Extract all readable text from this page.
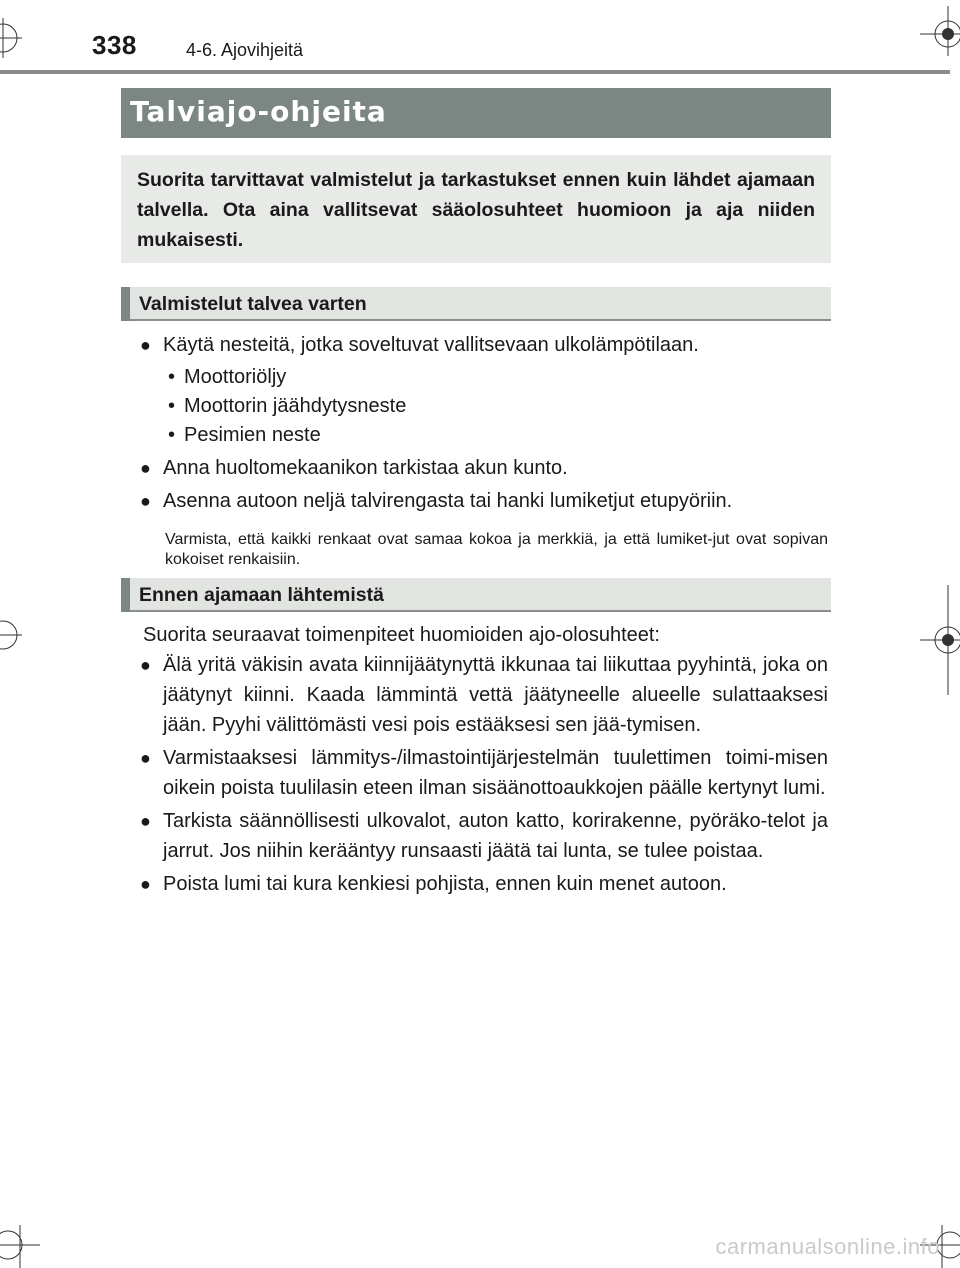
338	4-6. Ajovihjeitä
Talviajo-ohjeita

Suorita tarvittavat valmistelut ja tarkastukset ennen kuin lähdet ajamaan talvella. Ota aina vallitsevat sääolosuhteet huomioon ja aja niiden mukaisesti.

Valmistelut talvea varten
● Käytä nesteitä, jotka soveltuvat vallitsevaan ulkolämpötilaan.
• Moottoriöljy
• Moottorin jäähdytysneste
• Pesimien neste
● Anna huoltomekaanikon tarkistaa akun kunto.
● Asenna autoon neljä talvirengasta tai hanki lumiketjut etupyöriin.
Varmista, että kaikki renkaat ovat samaa kokoa ja merkkiä, ja että lumiket-jut ovat sopivan kokoiset renkaisiin.
Ennen ajamaan lähtemistä
Suorita seuraavat toimenpiteet huomioiden ajo-olosuhteet:
● Älä yritä väkisin avata kiinnijäätynyttä ikkunaa tai liikuttaa pyyhintä, joka on jäätynyt kiinni. Kaada lämmintä vettä jäätyneelle alueelle sulattaaksesi jään. Pyyhi välittömästi vesi pois estääksesi sen jää-tymisen.
● Varmistaaksesi lämmitys-/ilmastointijärjestelmän tuulettimen toimi-misen oikein poista tuulilasin eteen ilman sisäänottoaukkojen päälle kertynyt lumi.
● Tarkista säännöllisesti ulkovalot, auton katto, korirakenne, pyöräko-telot ja jarrut. Jos niihin kerääntyy runsaasti jäätä tai lunta, se tulee poistaa.
● Poista lumi tai kura kenkiesi pohjista, ennen kuin menet autoon.
carmanualsonline.info
